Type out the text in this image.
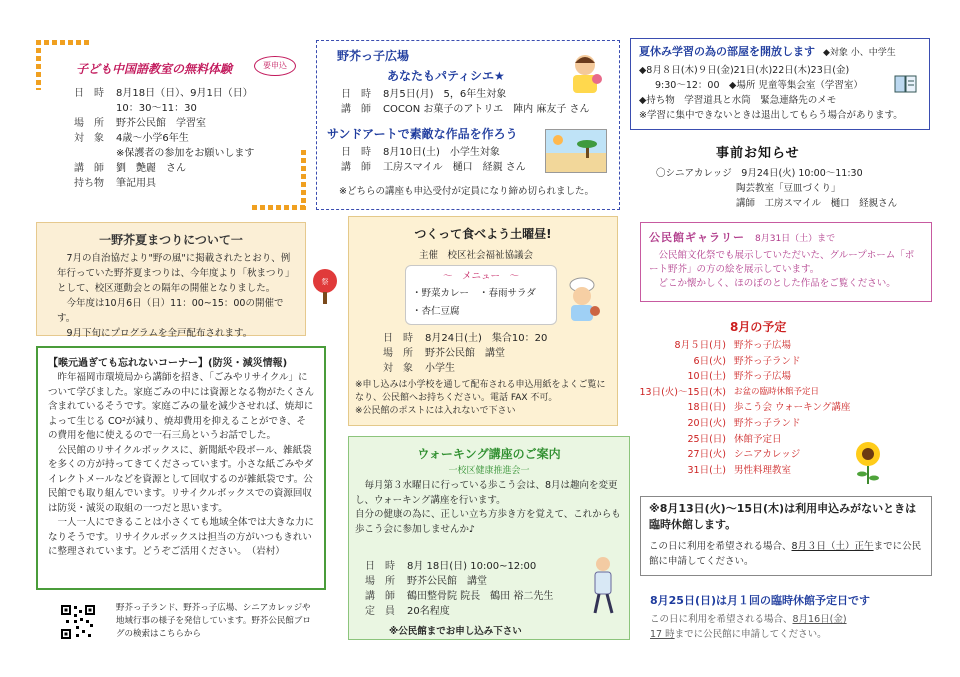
子ども中国語教室の無料体験	要申込
日　時	8月18日（日）、9月1日（日）
10：30～11：30
場　所	野芥公民館　学習室
対　象	4歳～小学6年生
※保護者の参加をお願いします
講　師	劉　艶麗　さん
持ち物	筆記用具
野芥っ子広場
あなたもパティシエ★
日　時	8月5日(月)　5，6年生対象
講　師	COCON お菓子のアトリエ　陣内 麻友子 さん
サンドアートで素敵な作品を作ろう
日　時	8月10日(土)　小学生対象
講　師	工房スマイル　樋口　経親 さん
※どちらの講座も申込受付が定員になり締め切られました。
夏休み学習の為の部屋を開放します ◆対象 小、中学生
◆8月８日(木)９日(金)21日(水)22日(木)23日(金)
9:30～12：00　◆場所 児童等集会室（学習室）
◆持ち物　学習道具と水筒　緊急連絡先のメモ
※学習に集中できないときは退出してもらう場合があります。
事前お知らせ
〇シニアカレッジ　9月24日(火) 10:00～11:30
陶芸教室「豆皿づくり」
講師　工房スマイル　樋口　経親さん
一野芥夏まつりについて一
7月の自治協だより"野の風"に掲載されたとおり、例年行っていた野芥夏まつりは、今年度より「秋まつり」として、校区運動会との隔年の開催となりました。
今年度は10月6日（日）11：00~15：00の開催です。
9月下旬にプログラムを全戸配布されます。
祭
つくって食べよう土曜昼!
主催　校区社会福祉協議会
～　メニュー　～
・野菜カレー ・春雨サラダ
・杏仁豆腐
日　時	8月24日(土)　集合10：20
場　所	野芥公民館　講堂
対　象	小学生
※申し込みは小学校を通して配布される申込用紙をよくご覧になり、公民館へお持ちください。電話 FAX 不可。
※公民館のポストには入れないで下さい
【喉元過ぎても忘れないコーナー】(防災・減災情報)
昨年福岡市環境局から講師を招き、「ごみやリサイクル」について学びました。家庭ごみの中には資源となる物がたくさん含まれているそうです。家庭ごみの量を減少させれば、焼却によって生じる CO²が減り、焼却費用を抑えることができ、その費用を他に使えるので一石三鳥というお話でした。
公民館のリサイクルボックスに、新聞紙や段ボール、雑紙袋を多くの方が持ってきてくださっています。小さな紙ごみやダイレクトメールなどを資源として回収するのが雑紙袋です。公民館でも取り組んでいます。リサイクルボックスでの資源回収は防災・減災の取組の一つだと思います。
一人一人にできることは小さくても地域全体では大きな力になりそうです。リサイクルボックスは担当の方がいつもきれいに整理されています。どうぞご活用ください。　（岩村）
野芥っ子ランド、野芥っ子広場、シニアカレッジや地域行事の様子を発信しています。野芥公民館ブログの検索はこちらから
ウォーキング講座のご案内
一校区健康推進会一
毎月第３水曜日に行っている歩こう会は、8月は趣向を変更し、ウォーキング講座を行います。
自分の健康の為に、正しい立ち方歩き方を覚えて、これからも歩こう会に参加しませんか♪
日　時	8月 18日(日) 10:00~12:00
場　所	野芥公民館　講堂
講　師	鶴田整骨院 院長　鶴田 裕二先生
定　員	20名程度
※公民館までお申し込み下さい
公民館ギャラリー 8月31日（土）まで
公民館文化祭でも展示していただいた、グループホーム「ポート野芥」の方の絵を展示しています。
どこか懐かしく、ほのぼのとした作品をご覧ください。
8月の予定
8月５日(月) 野芥っ子広場
6日(火) 野芥っ子ランド
10日(土) 野芥っ子広場
13日(火)～15日(木) お盆の臨時休館予定日
18日(日) 歩こう会 ウォーキング講座
20日(火) 野芥っ子ランド
25日(日) 休館予定日
27日(火) シニアカレッジ
31日(土) 男性料理教室
※8月13日(火)～15日(木)は利用申込みがないときは臨時休館します。
この日に利用を希望される場合、8月３日（土）正午までに公民館に申請してください。
8月25日(日)は月１回の臨時休館予定日です
この日に利用を希望される場合、8月16日(金)
17 時までに公民館に申請してください。
